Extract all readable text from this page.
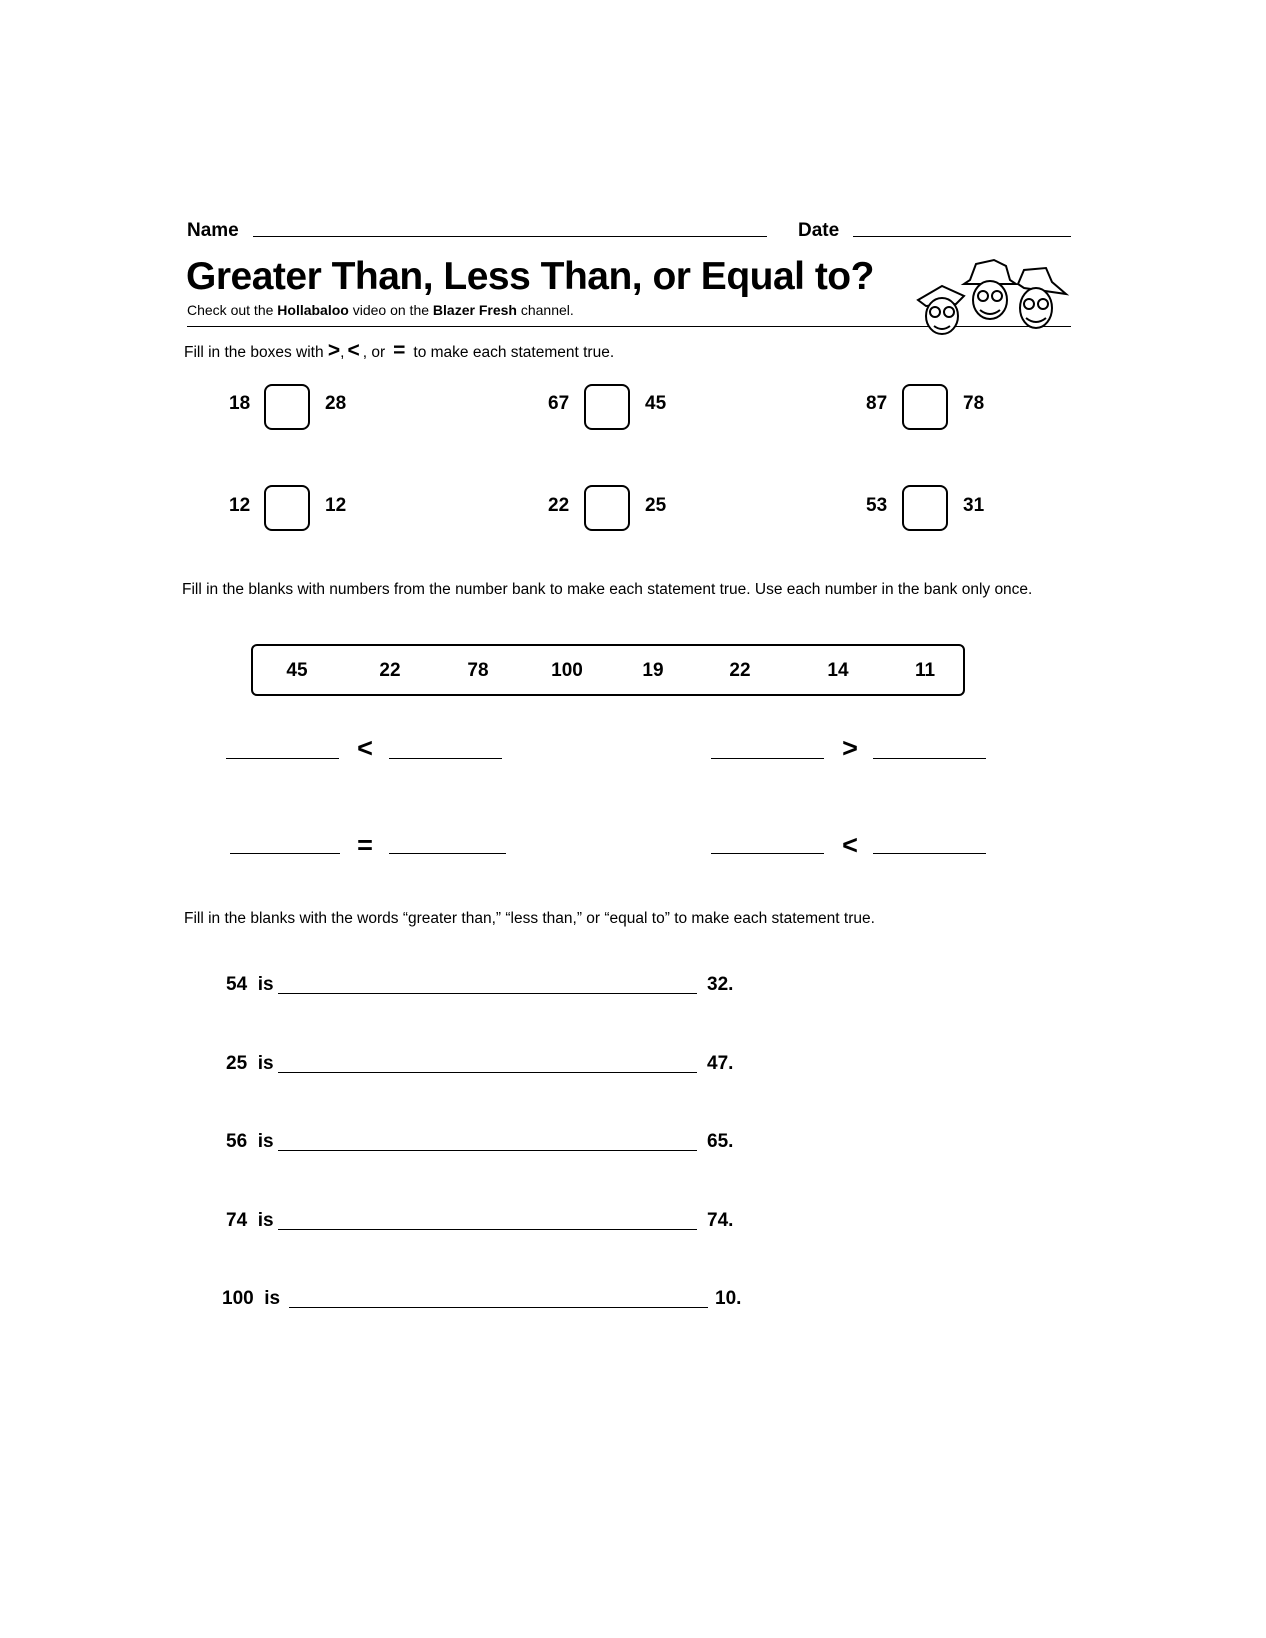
Name	Date
Greater Than, Less Than, or Equal to?
Check out the Hollabaloo video on the Blazer Fresh channel.
Fill in the boxes with >, < , or = to make each statement true.
18	28	67	45	87	78
12	12	22	25	53	31
Fill in the blanks with numbers from the number bank to make each statement true. Use each number in the bank only once.
45	22	78	100	19	22	14	11
<	>
=	<
Fill in the blanks with the words “greater than,” “less than,” or “equal to” to make each statement true.
54  is	32.
25  is	47.
56  is	65.
74  is	74.
100  is	10.
